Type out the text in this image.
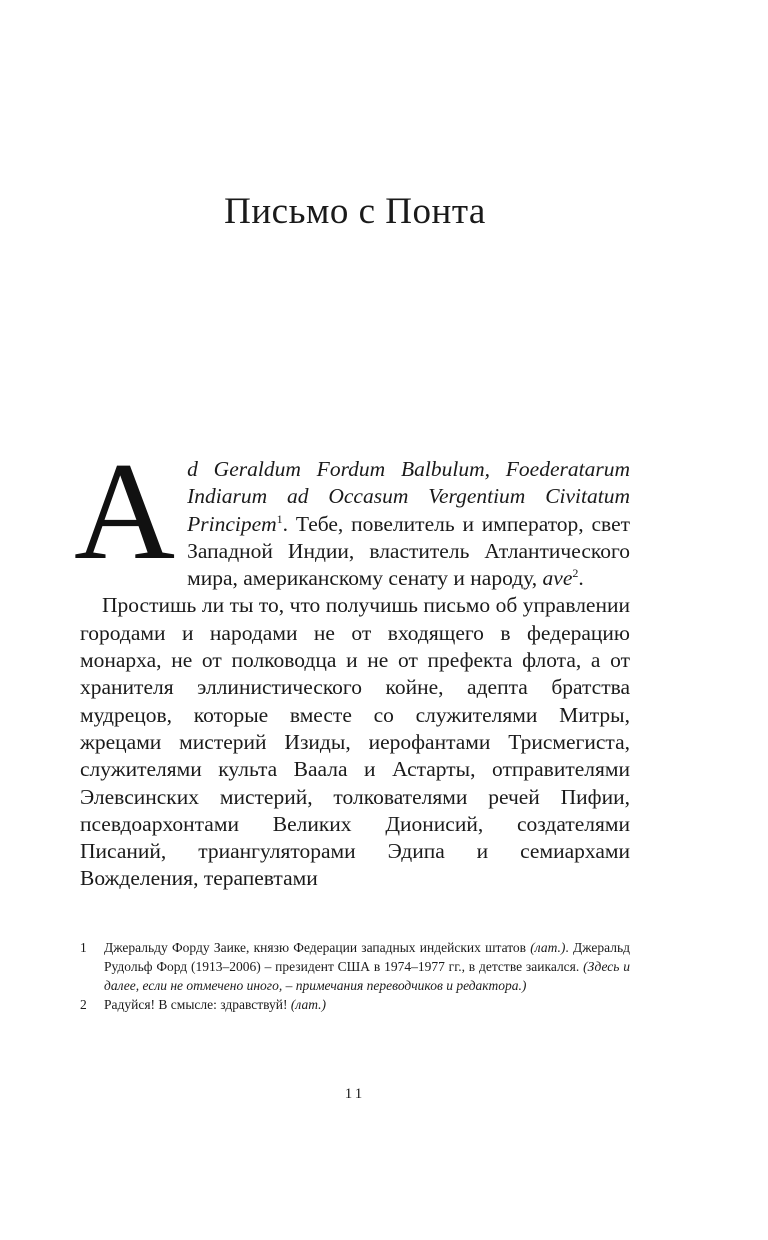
Письмо с Понта
A d Geraldum Fordum Balbulum, Foederatarum Indiarum ad Occasum Vergentium Civitatum Principem$^1$. Тебе, повелитель и император, свет Западной Индии, властитель Атлантического мира, американскому сенату и народу, ave$^2$.

Простишь ли ты то, что получишь письмо об управлении городами и народами не от входящего в федерацию монарха, не от полководца и не от префекта флота, а от хранителя эллинистического койне, адепта братства мудрецов, которые вместе со служителями Митры, жрецами мистерий Изиды, иерофантами Трисмегиста, служителями культа Ваала и Астарты, отправителями Элевсинских мистерий, толкователями речей Пифии, псевдоархонтами Великих Дионисий, создателями Писаний, триангуляторами Эдипа и семиархами Вожделения, терапевтами

1	Джеральду Форду Заике, князю Федерации западных индейских штатов (лат.). Джеральд Рудольф Форд (1913–2006) – президент США в 1974–1977 гг., в детстве заикался. (Здесь и далее, если не отмечено иного, – примечания переводчиков и редактора.)
2	Радуйся! В смысле: здравствуй! (лат.)
11
